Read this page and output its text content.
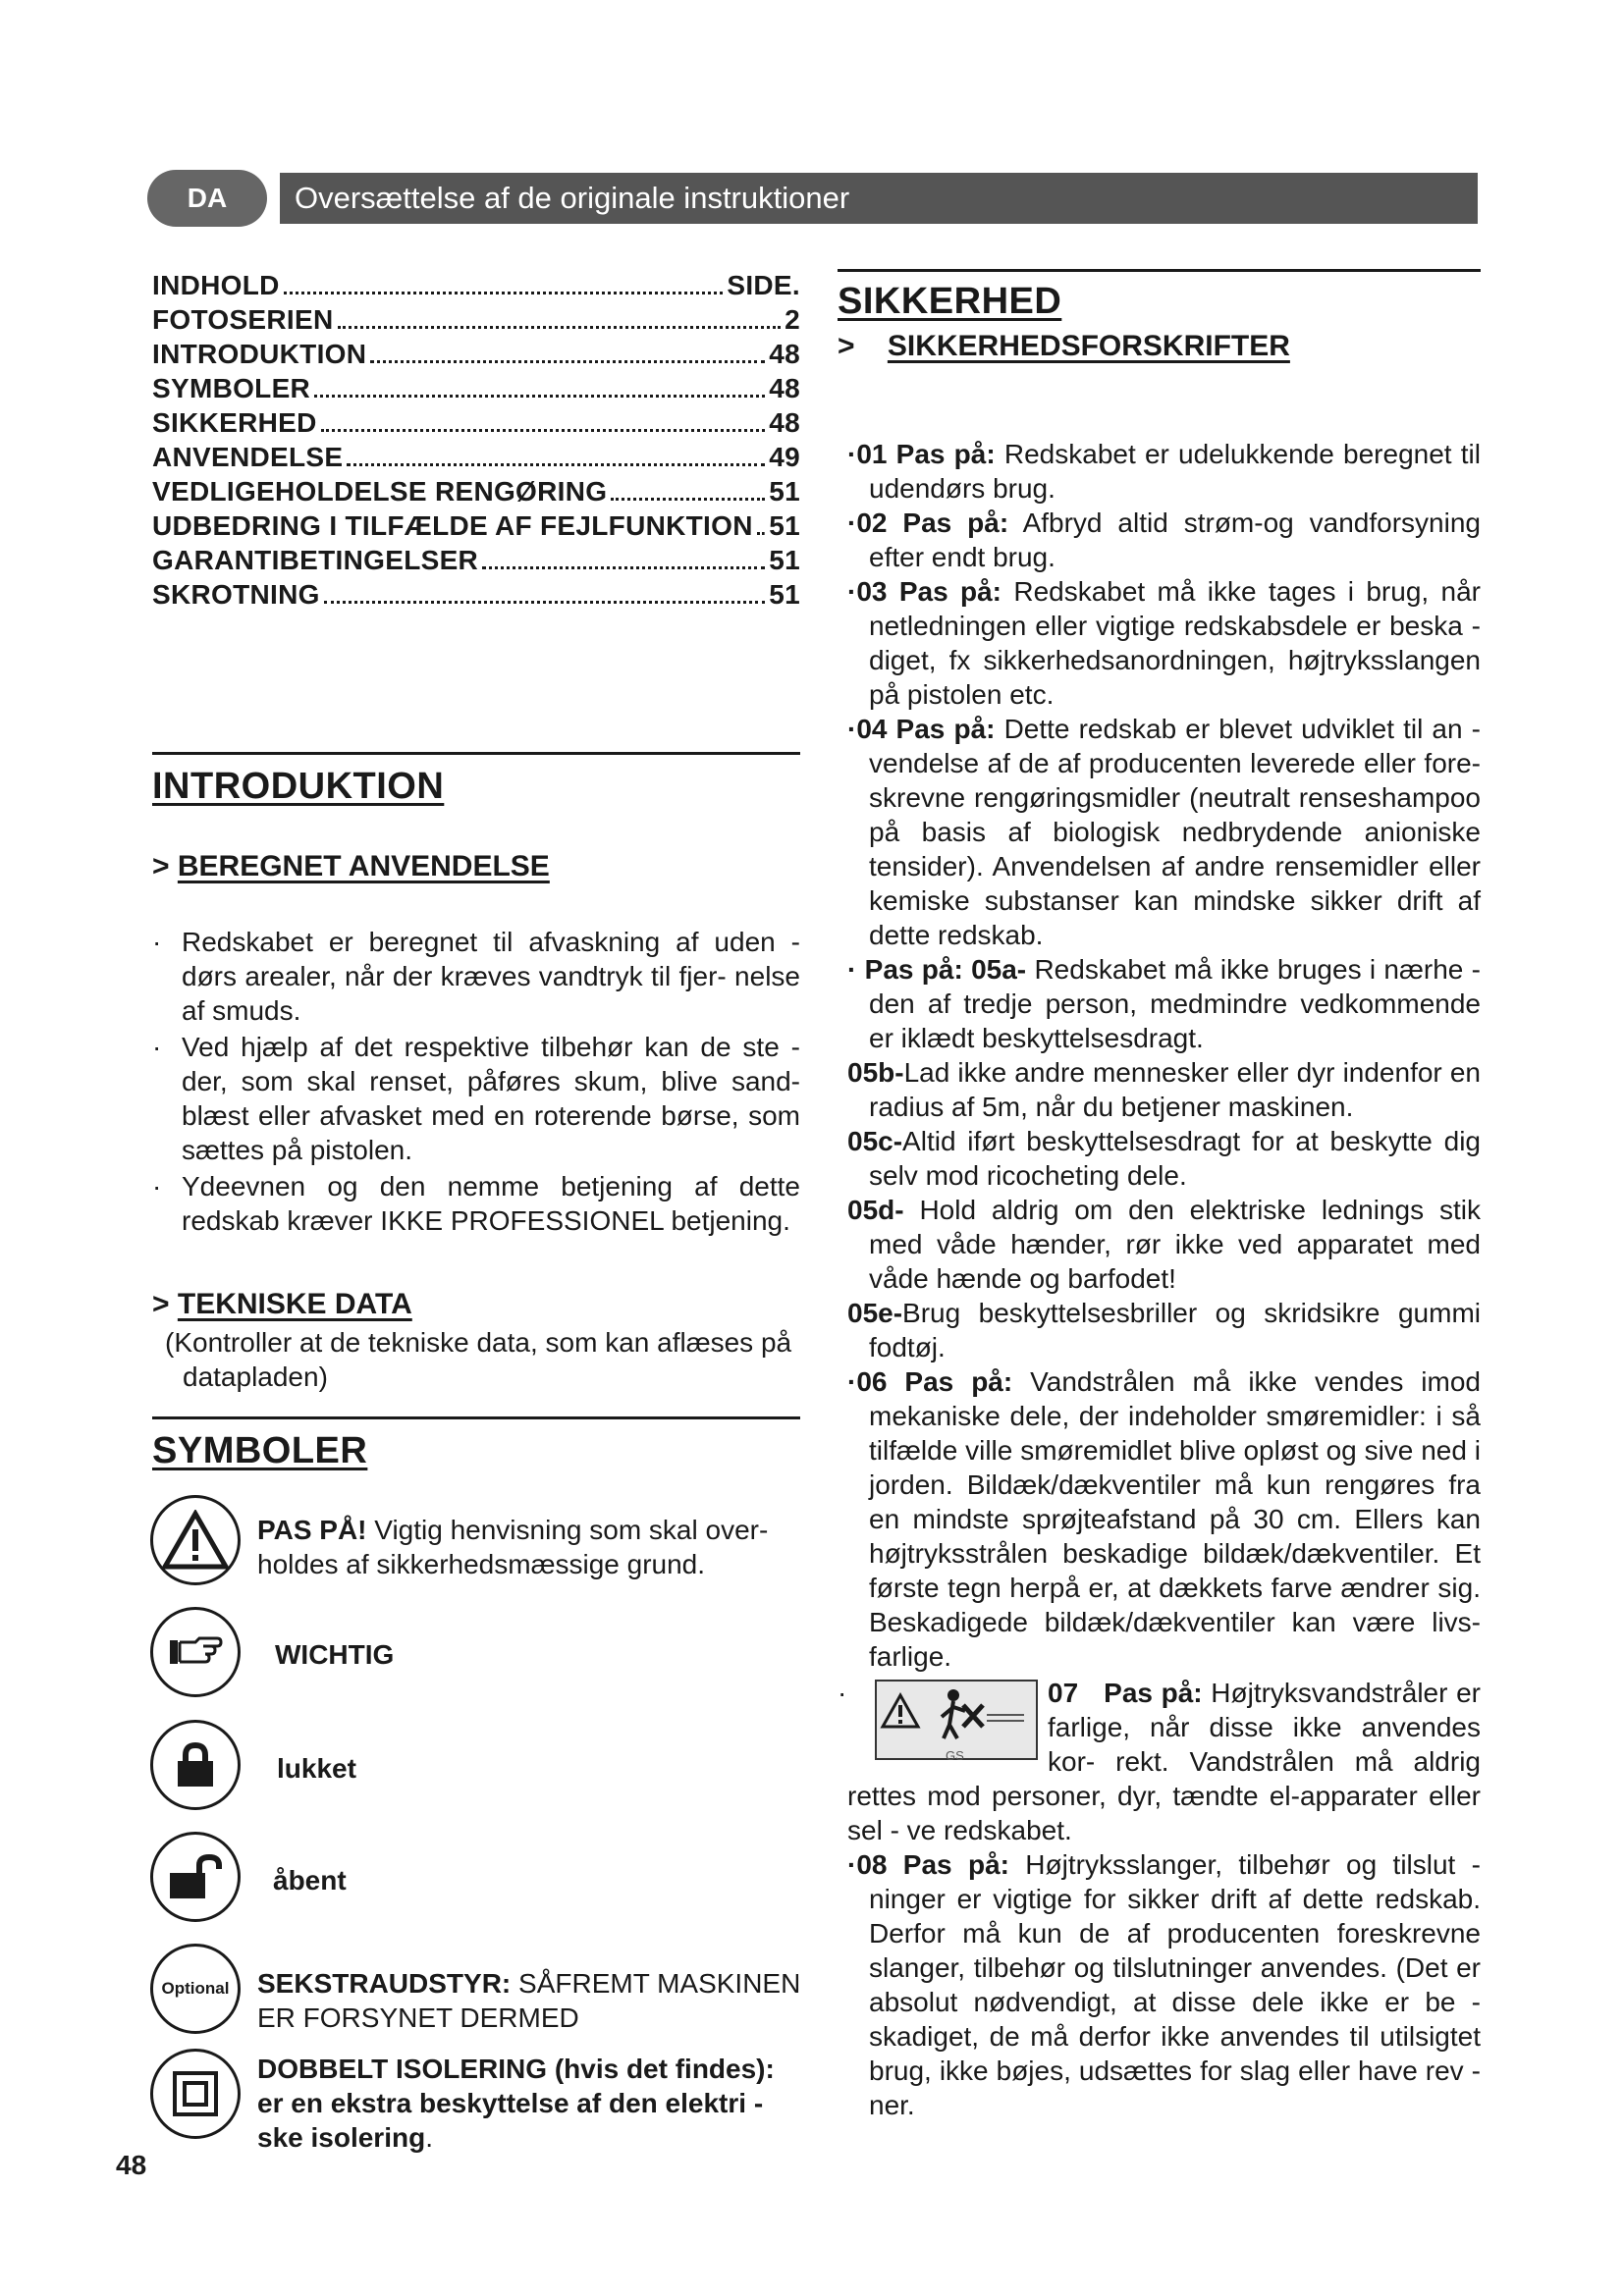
Oversættelse af de originale instruktioner
DA
INDHOLD	SIDE.
FOTOSERIEN	2
INTRODUKTION	48
SYMBOLER	48
SIKKERHED	48
ANVENDELSE	49
VEDLIGEHOLDELSE RENGØRING	51
UDBEDRING I TILFÆLDE AF FEJLFUNKTION 51
GARANTIBETINGELSER	51
SKROTNING	51
INTRODUKTION
> BEREGNET ANVENDELSE
· Redskabet er beregnet til afvaskning af uden - dørs arealer, når der kræves vandtryk til fjer- nelse af smuds.
· Ved hjælp af det respektive tilbehør kan de ste - der, som skal renset, påføres skum, blive sand- blæst eller afvasket med en roterende børse, som sættes på pistolen.
· Ydeevnen og den nemme betjening af dette redskab kræver IKKE PROFESSIONEL betjening.
> TEKNISKE DATA
(Kontroller at de tekniske data, som kan aflæses på datapladen)
SYMBOLER
PAS PÅ! Vigtig henvisning som skal over- holdes af sikkerhedsmæssige grund.
WICHTIG
lukket
åbent
Optional SEKSTRAUDSTYR: SÅFREMT MASKINEN ER FORSYNET DERMED
DOBBELT ISOLERING (hvis det findes): er en ekstra beskyttelse af den elektri - ske isolering.
48
SIKKERHED
> SIKKERHEDSFORSKRIFTER
·01 Pas på: Redskabet er udelukkende beregnet til udendørs brug.
·02 Pas på: Afbryd altid strøm-og vandforsyning efter endt brug.
·03 Pas på: Redskabet må ikke tages i brug, når netledningen eller vigtige redskabsdele er beska - diget, fx sikkerhedsanordningen, højtryksslangen på pistolen etc.
·04 Pas på: Dette redskab er blevet udviklet til an - vendelse af de af producenten leverede eller fore- skrevne rengøringsmidler (neutralt renseshampoo på basis af biologisk nedbrydende anioniske tensider). Anvendelsen af andre rensemidler eller kemiske substanser kan mindske sikker drift af dette redskab.
· Pas på: 05a- Redskabet må ikke bruges i nærhe - den af tredje person, medmindre vedkommende er iklædt beskyttelsesdragt.
05b-Lad ikke andre mennesker eller dyr indenfor en radius af 5m, når du betjener maskinen.
05c-Altid iført beskyttelsesdragt for at beskytte dig selv mod ricocheting dele.
05d- Hold aldrig om den elektriske lednings stik med våde hænder, rør ikke ved apparatet med våde hænde og barfodet!
05e-Brug beskyttelsesbriller og skridsikre gummi fodtøj.
·06 Pas på: Vandstrålen må ikke vendes imod mekaniske dele, der indeholder smøremidler: i så tilfælde ville smøremidlet blive opløst og sive ned i jorden. Bildæk/dækventiler må kun rengøres fra en mindste sprøjteafstand på 30 cm. Ellers kan højtryksstrålen beskadige bildæk/dækventiler. Et første tegn herpå er, at dækkets farve ændrer sig. Beskadigede bildæk/dækventiler kan være livs- farlige.
·
GS
07 Pas på: Højtryksvandstråler er farlige, når disse ikke anvendes kor- rekt. Vandstrålen må aldrig rettes mod personer, dyr, tændte el-apparater eller sel - ve redskabet.
·08 Pas på: Højtryksslanger, tilbehør og tilslut - ninger er vigtige for sikker drift af dette redskab. Derfor må kun de af producenten foreskrevne slanger, tilbehør og tilslutninger anvendes. (Det er absolut nødvendigt, at disse dele ikke er be - skadiget, de må derfor ikke anvendes til utilsigtet brug, ikke bøjes, udsættes for slag eller have rev - ner.
